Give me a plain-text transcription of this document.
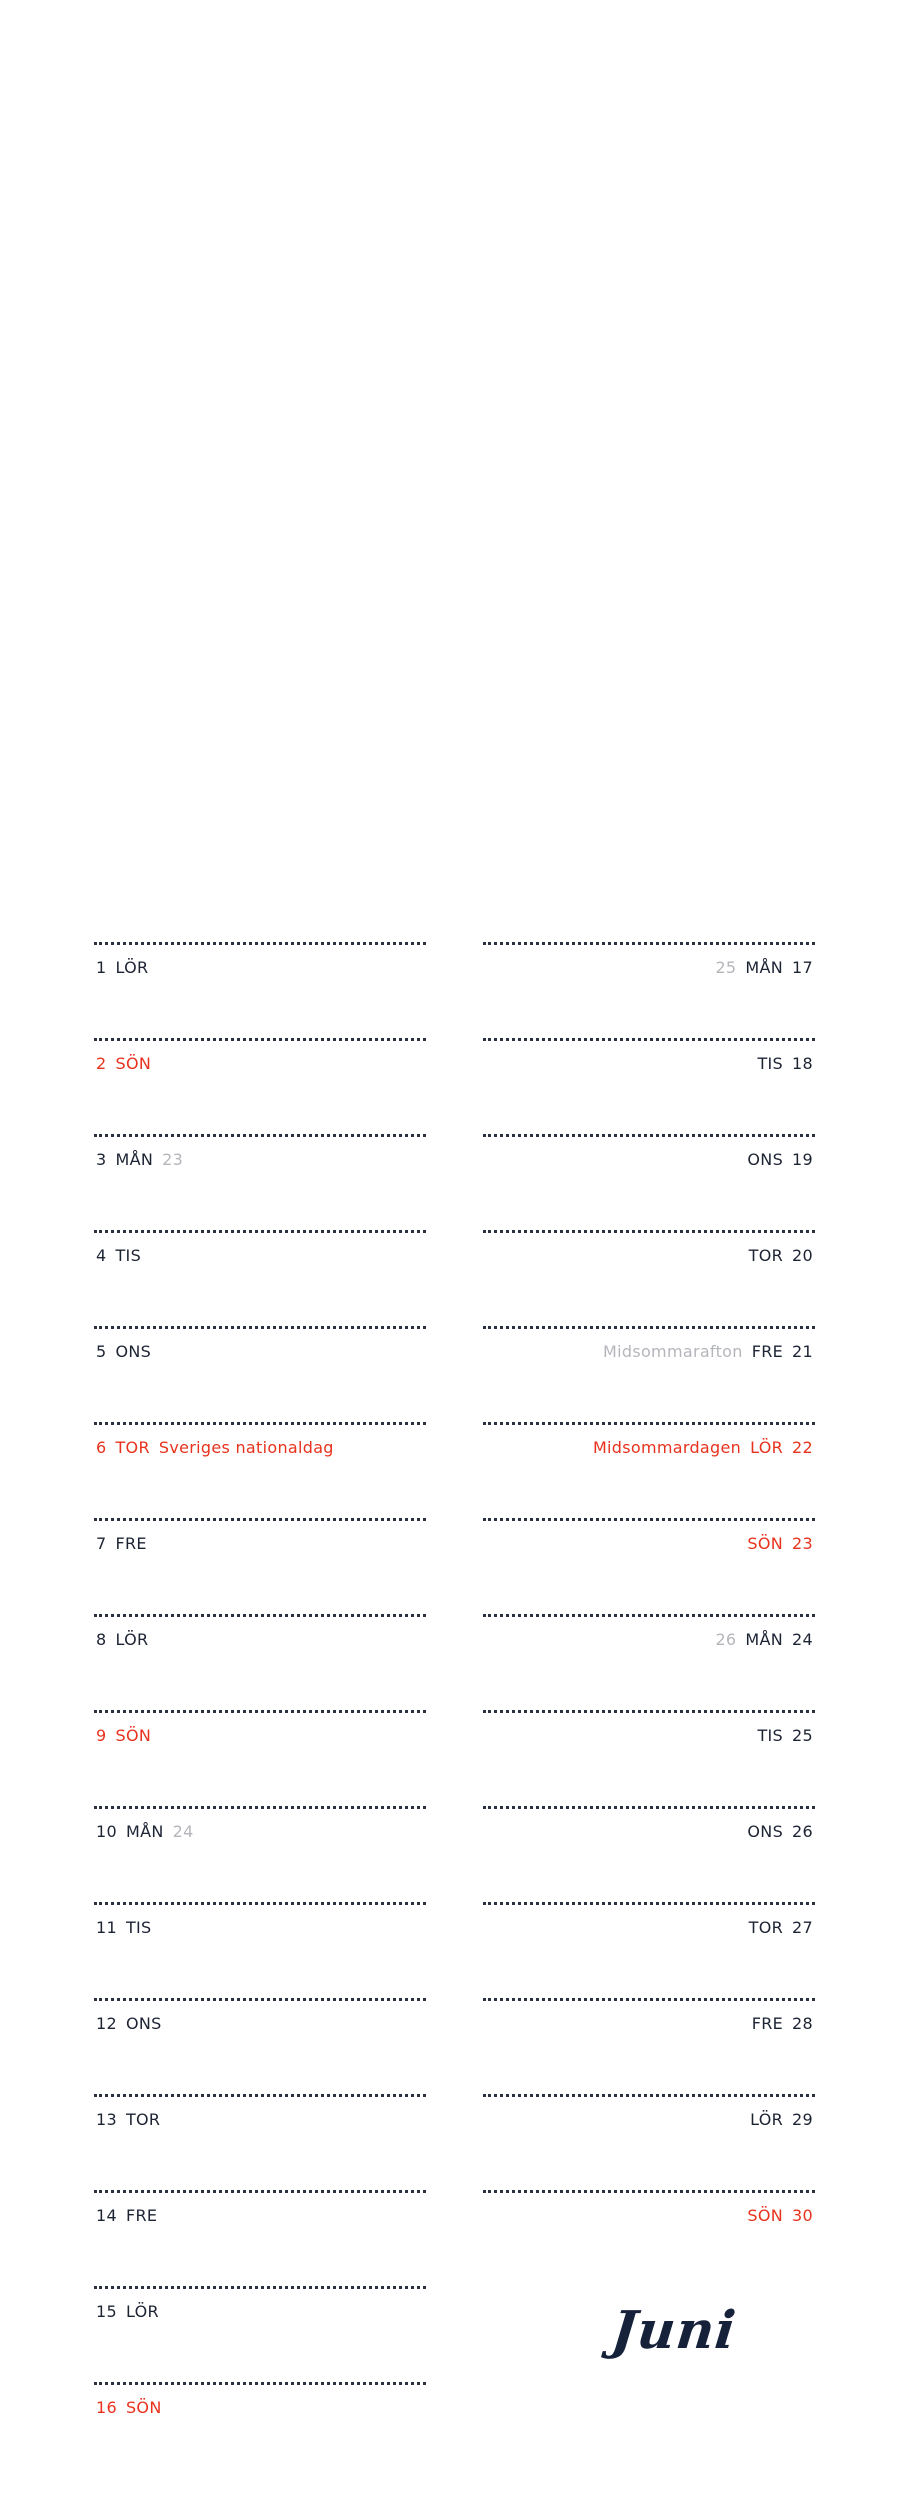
1 LÖR
2 SÖN
3 MÅN 23
4 TIS
5 ONS
6 TOR Sveriges nationaldag
7 FRE
8 LÖR
9 SÖN
10 MÅN 24
11 TIS
12 ONS
13 TOR
14 FRE
15 LÖR
16 SÖN
25 MÅN 17
TIS 18
ONS 19
TOR 20
Midsommarafton FRE 21
Midsommardagen LÖR 22
SÖN 23
26 MÅN 24
TIS 25
ONS 26
TOR 27
FRE 28
LÖR 29
SÖN 30
Juni
